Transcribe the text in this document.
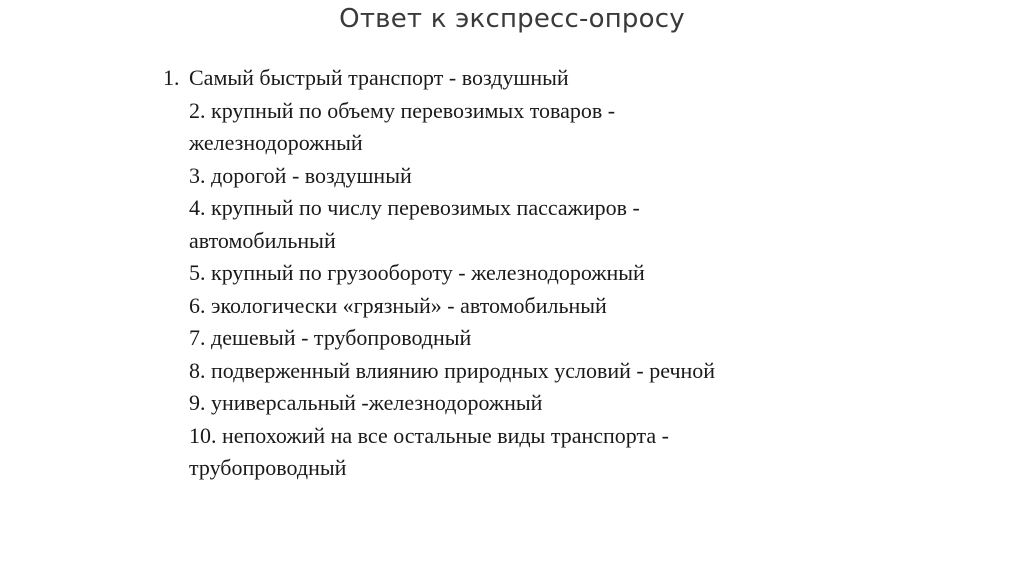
Ответ к экспресс-опросу
1. Самый быстрый транспорт - воздушный
2. крупный по объему перевозимых товаров -
железнодорожный
3. дорогой - воздушный
4. крупный по числу перевозимых пассажиров -
автомобильный
5. крупный по грузообороту - железнодорожный
6. экологически «грязный» - автомобильный
7. дешевый - трубопроводный
8. подверженный влиянию природных условий - речной
9. универсальный -железнодорожный
10. непохожий на все остальные виды транспорта -
трубопроводный
